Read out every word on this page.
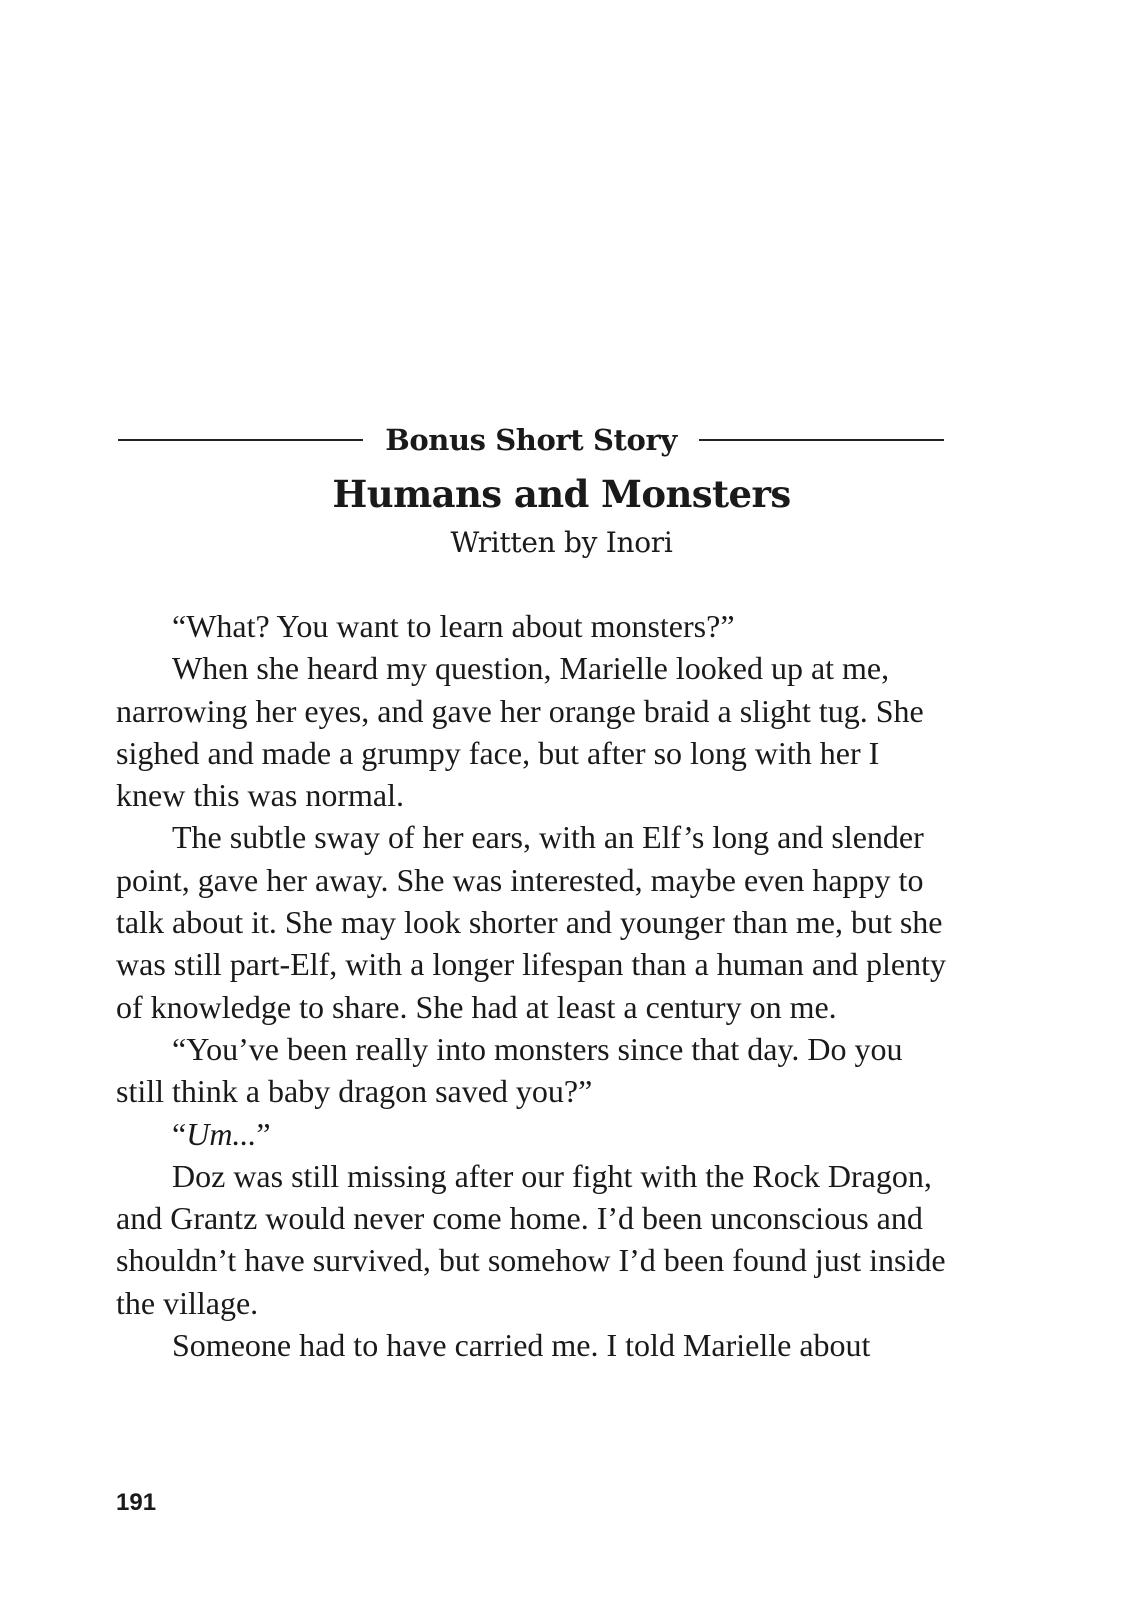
Bonus Short Story
Humans and Monsters
Written by Inori

“What? You want to learn about monsters?”

When she heard my question, Marielle looked up at me, narrowing her eyes, and gave her orange braid a slight tug. She sighed and made a grumpy face, but after so long with her I knew this was normal.

The subtle sway of her ears, with an Elf’s long and slender point, gave her away. She was interested, maybe even happy to talk about it. She may look shorter and younger than me, but she was still part-Elf, with a longer lifespan than a human and plenty of knowledge to share. She had at least a century on me.

“You’ve been really into monsters since that day. Do you still think a baby dragon saved you?”

“Um...”

Doz was still missing after our fight with the Rock Dragon, and Grantz would never come home. I’d been unconscious and shouldn’t have survived, but somehow I’d been found just inside the village.

Someone had to have carried me. I told Marielle about

191
